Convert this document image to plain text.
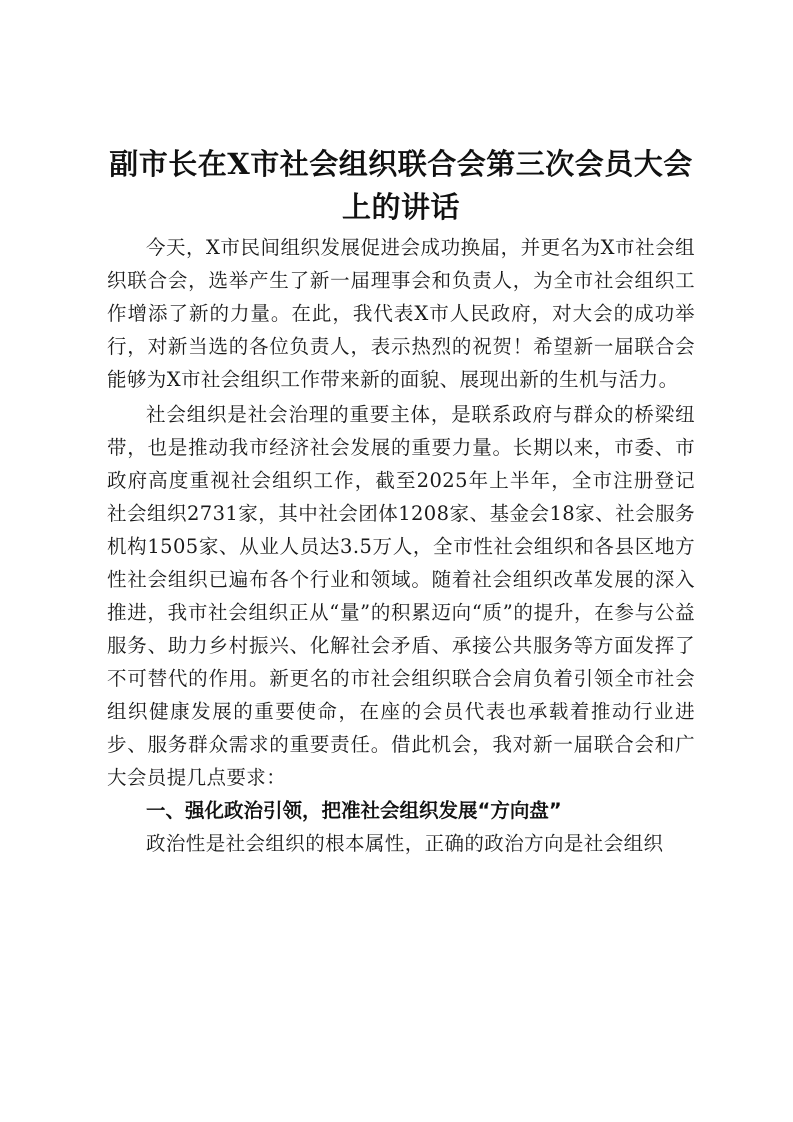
副市长在X市社会组织联合会第三次会员大会上的讲话

今天，X市民间组织发展促进会成功换届，并更名为X市社会组织联合会，选举产生了新一届理事会和负责人，为全市社会组织工作增添了新的力量。在此，我代表X市人民政府，对大会的成功举行，对新当选的各位负责人，表示热烈的祝贺！希望新一届联合会能够为X市社会组织工作带来新的面貌、展现出新的生机与活力。

社会组织是社会治理的重要主体，是联系政府与群众的桥梁纽带，也是推动我市经济社会发展的重要力量。长期以来，市委、市政府高度重视社会组织工作，截至2025年上半年，全市注册登记社会组织2731家，其中社会团体1208家、基金会18家、社会服务机构1505家、从业人员达3.5万人，全市性社会组织和各县区地方性社会组织已遍布各个行业和领域。随着社会组织改革发展的深入推进，我市社会组织正从“量”的积累迈向“质”的提升，在参与公益服务、助力乡村振兴、化解社会矛盾、承接公共服务等方面发挥了不可替代的作用。新更名的市社会组织联合会肩负着引领全市社会组织健康发展的重要使命，在座的会员代表也承载着推动行业进步、服务群众需求的重要责任。借此机会，我对新一届联合会和广大会员提几点要求：

一、强化政治引领，把准社会组织发展“方向盘”

政治性是社会组织的根本属性，正确的政治方向是社会组织
